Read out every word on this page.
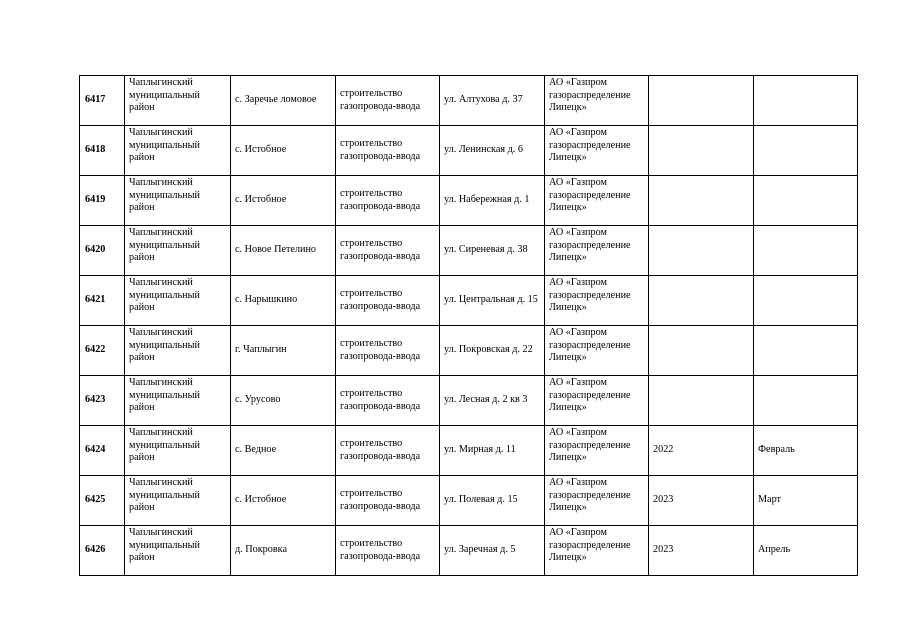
6417	Чаплыгинский муниципальный район	с. Заречье ломовое	строительство газопровода-ввода	ул. Алтухова д. 37	АО «Газпром газораспределение Липецк»		
6418	Чаплыгинский муниципальный район	с. Истобное	строительство газопровода-ввода	ул. Ленинская д. 6	АО «Газпром газораспределение Липецк»		
6419	Чаплыгинский муниципальный район	с. Истобное	строительство газопровода-ввода	ул. Набережная д. 1	АО «Газпром газораспределение Липецк»		
6420	Чаплыгинский муниципальный район	с. Новое Петелино	строительство газопровода-ввода	ул. Сиреневая д. 38	АО «Газпром газораспределение Липецк»		
6421	Чаплыгинский муниципальный район	с. Нарышкино	строительство газопровода-ввода	ул. Центральная д. 15	АО «Газпром газораспределение Липецк»		
6422	Чаплыгинский муниципальный район	г. Чаплыгин	строительство газопровода-ввода	ул. Покровская д. 22	АО «Газпром газораспределение Липецк»		
6423	Чаплыгинский муниципальный район	с. Урусово	строительство газопровода-ввода	ул. Лесная д. 2 кв 3	АО «Газпром газораспределение Липецк»		
6424	Чаплыгинский муниципальный район	с. Ведное	строительство газопровода-ввода	ул. Мирная д. 11	АО «Газпром газораспределение Липецк»	2022	Февраль
6425	Чаплыгинский муниципальный район	с. Истобное	строительство газопровода-ввода	ул. Полевая д. 15	АО «Газпром газораспределение Липецк»	2023	Март
6426	Чаплыгинский муниципальный район	д. Покровка	строительство газопровода-ввода	ул. Заречная д. 5	АО «Газпром газораспределение Липецк»	2023	Апрель
